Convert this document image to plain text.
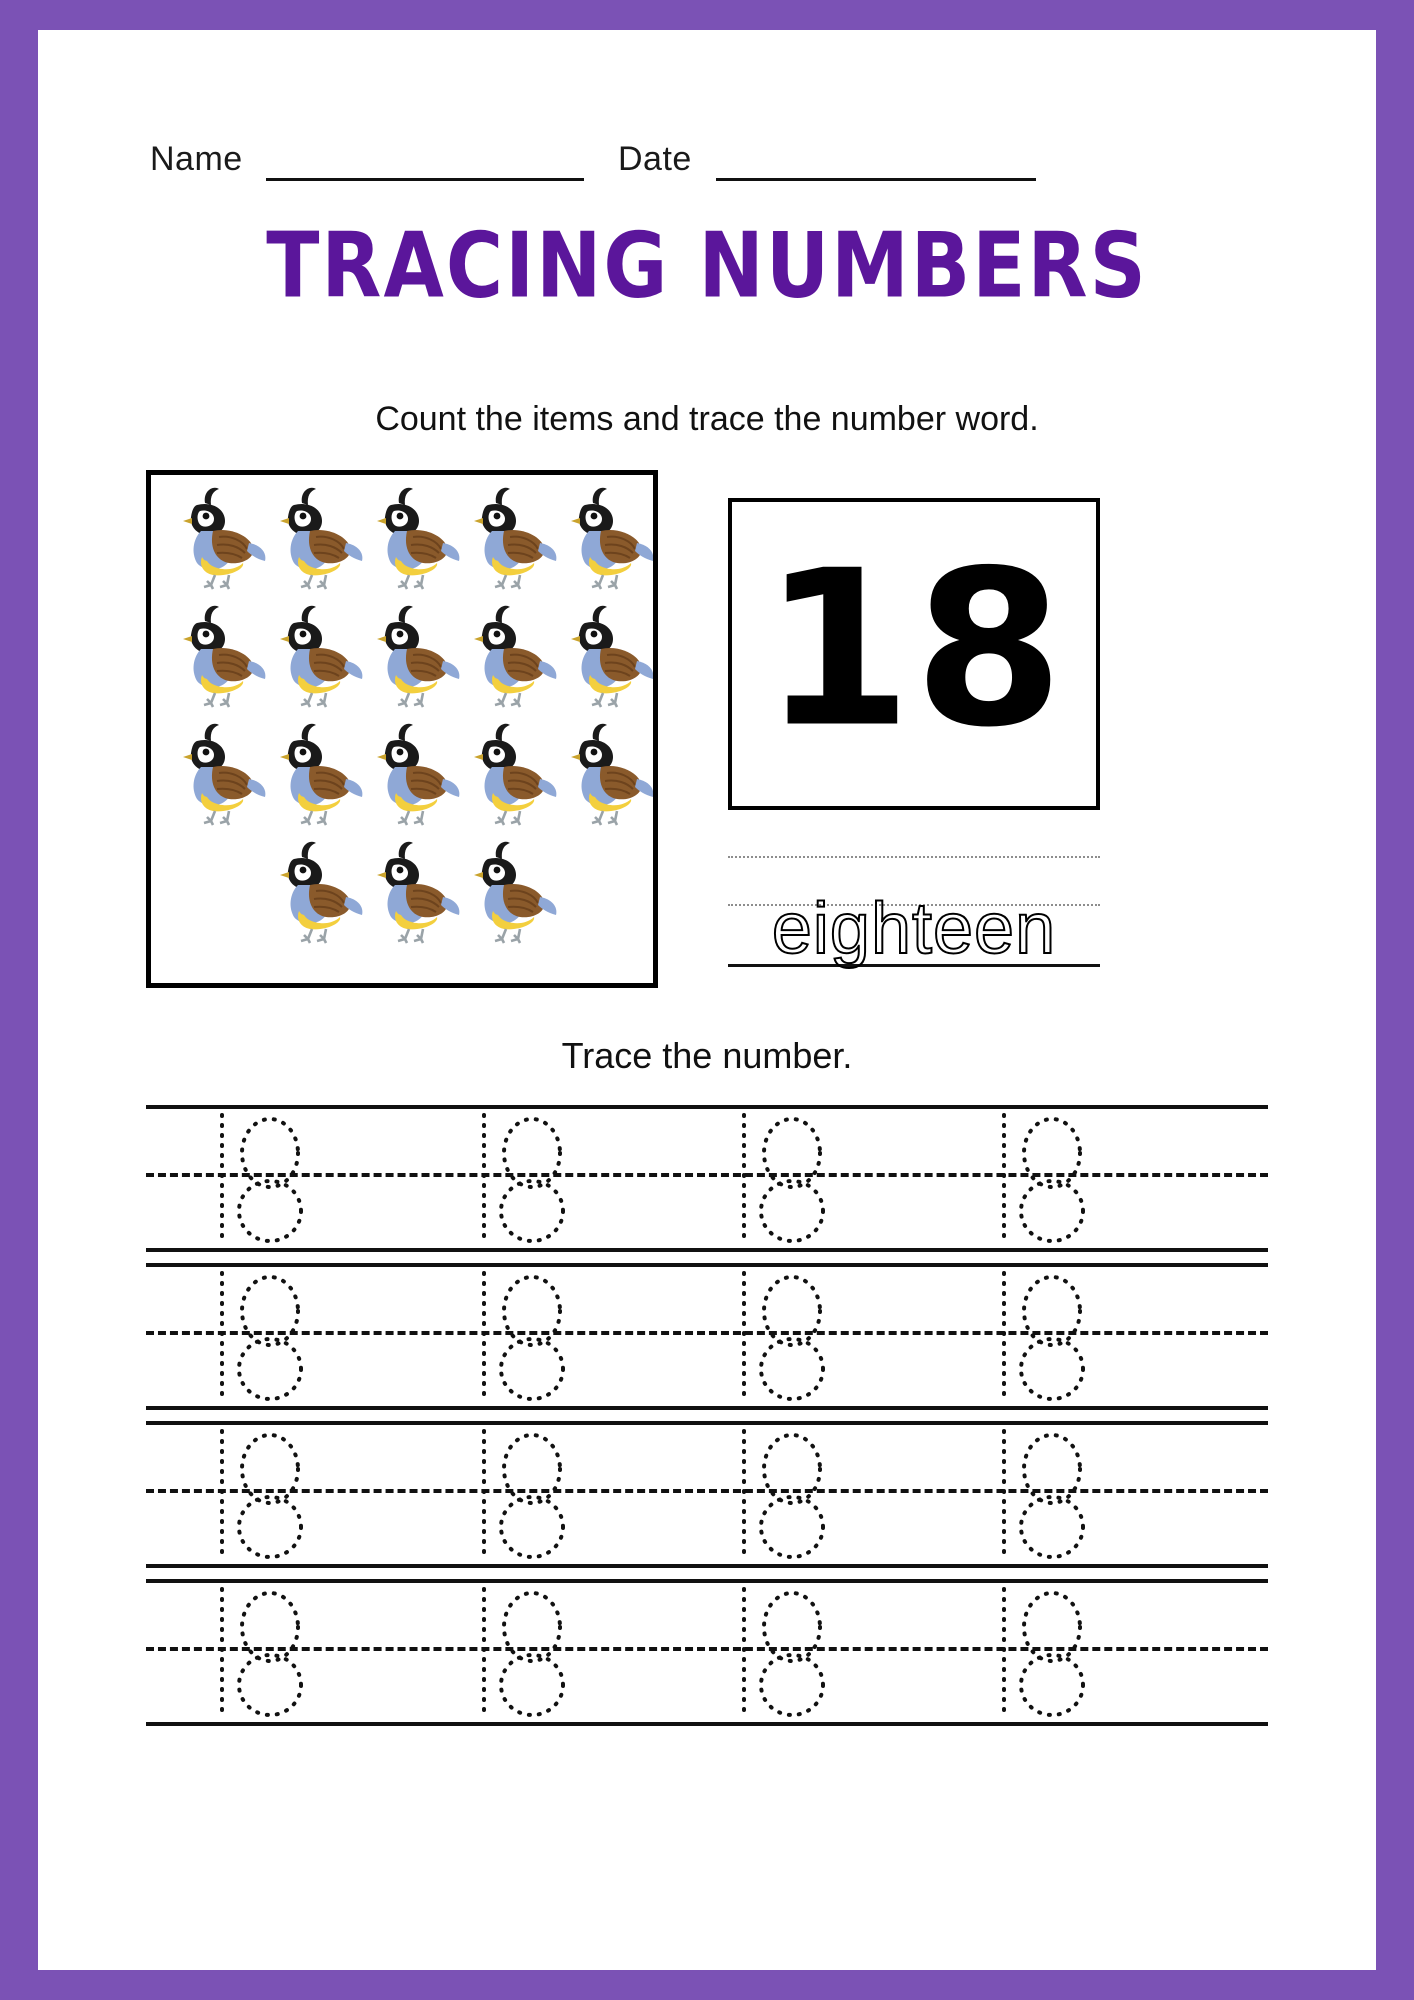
Name	Date
TRACING NUMBERS
Count the items and trace the number word.
18
eighteen
Trace the number.
